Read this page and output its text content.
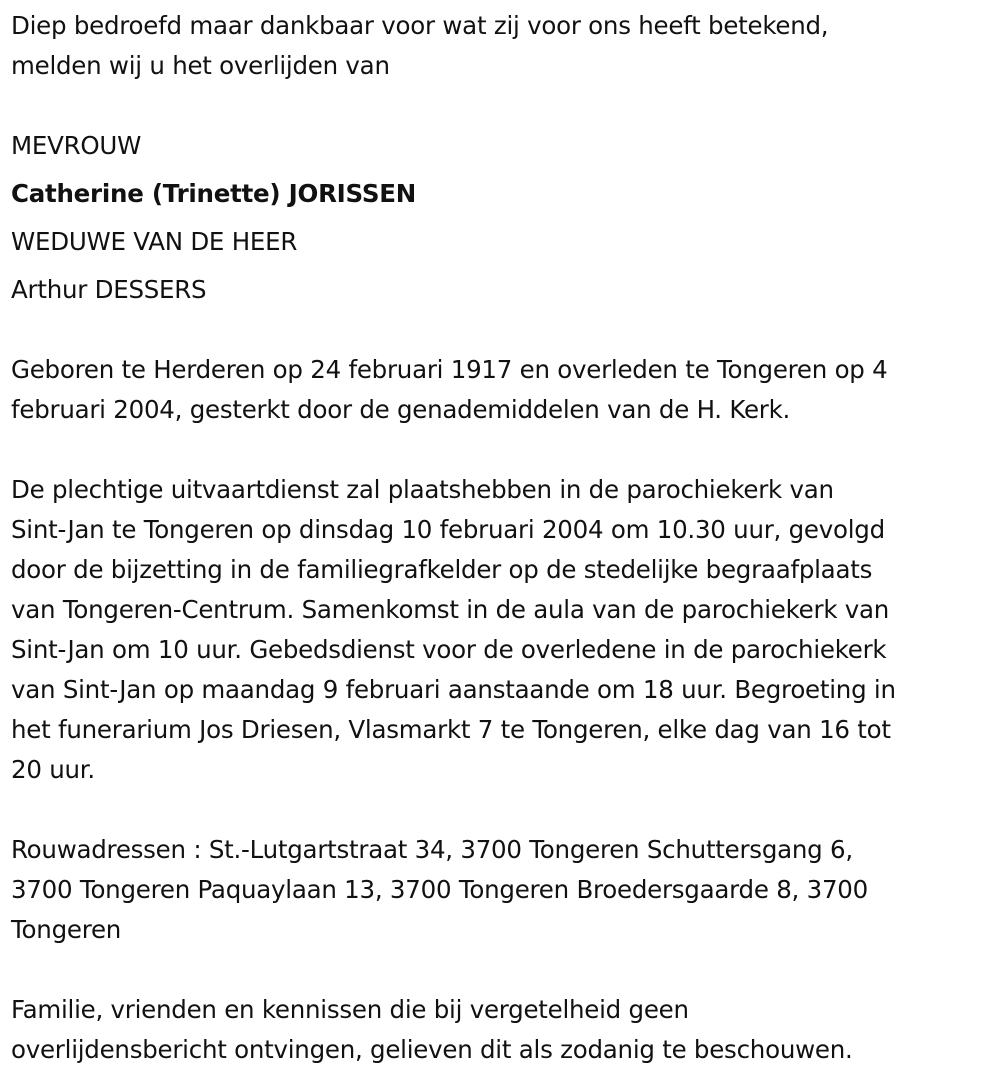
Diep bedroefd maar dankbaar voor wat zij voor ons heeft betekend,

melden wij u het overlijden van

MEVROUW

Catherine (Trinette) JORISSEN

WEDUWE VAN DE HEER

Arthur DESSERS

Geboren te Herderen op 24 februari 1917 en overleden te Tongeren op 4

februari 2004, gesterkt door de genademiddelen van de H. Kerk.

De plechtige uitvaartdienst zal plaatshebben in de parochiekerk van

Sint-Jan te Tongeren op dinsdag 10 februari 2004 om 10.30 uur, gevolgd

door de bijzetting in de familiegrafkelder op de stedelijke begraafplaats

van Tongeren-Centrum. Samenkomst in de aula van de parochiekerk van

Sint-Jan om 10 uur. Gebedsdienst voor de overledene in de parochiekerk

van Sint-Jan op maandag 9 februari aanstaande om 18 uur. Begroeting in

het funerarium Jos Driesen, Vlasmarkt 7 te Tongeren, elke dag van 16 tot

20 uur.

Rouwadressen : St.-Lutgartstraat 34, 3700 Tongeren Schuttersgang 6,

3700 Tongeren Paquaylaan 13, 3700 Tongeren Broedersgaarde 8, 3700

Tongeren

Familie, vrienden en kennissen die bij vergetelheid geen

overlijdensbericht ontvingen, gelieven dit als zodanig te beschouwen.
